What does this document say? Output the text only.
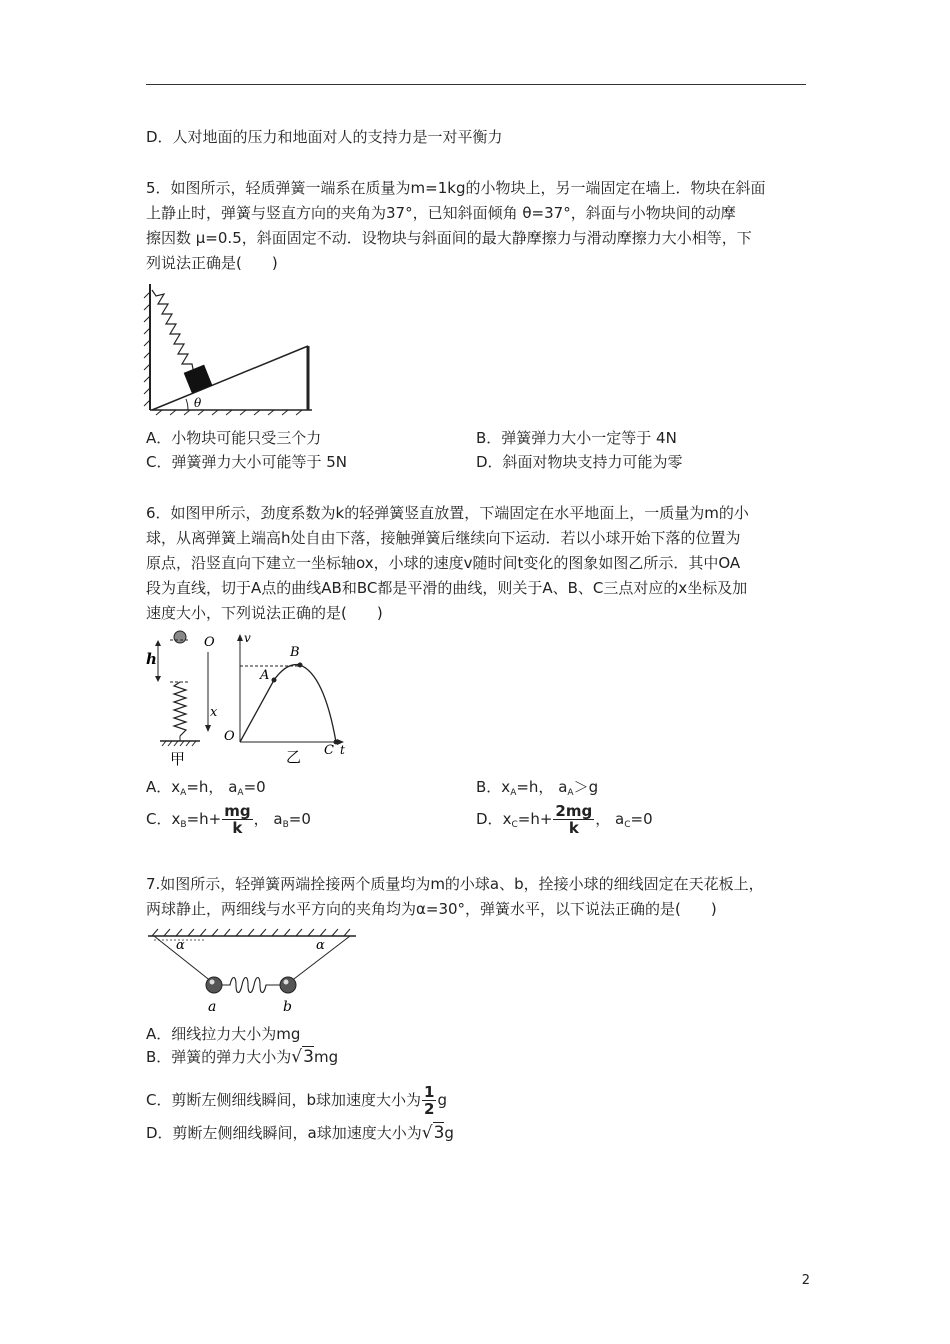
D．人对地面的压力和地面对人的支持力是一对平衡力
5．如图所示，轻质弹簧一端系在质量为m=1kg的小物块上，另一端固定在墙上．物块在斜面
上静止时，弹簧与竖直方向的夹角为37°，已知斜面倾角 θ=37°，斜面与小物块间的动摩
擦因数 μ=0.5，斜面固定不动．设物块与斜面间的最大静摩擦力与滑动摩擦力大小相等，下
列说法正确是(　　)
θ
A．小物块可能只受三个力	B．弹簧弹力大小一定等于 4N
C．弹簧弹力大小可能等于 5N	D．斜面对物块支持力可能为零
6．如图甲所示，劲度系数为k的轻弹簧竖直放置，下端固定在水平地面上，一质量为m的小
球，从离弹簧上端高h处自由下落，接触弹簧后继续向下运动．若以小球开始下落的位置为
原点，沿竖直向下建立一坐标轴ox，小球的速度v随时间t变化的图象如图乙所示．其中OA
段为直线，切于A点的曲线AB和BC都是平滑的曲线，则关于A、B、C三点对应的x坐标及加
速度大小，下列说法正确的是(　　)
h
O
x
甲
v
t
O
A
B
C
乙
A．$x_A=h$， $a_A=0$	B．$x_A=h$， $a_A>g$
C．$x_B=h+ \frac{mg}{k}$ ， $a_B=0$	D．$x_C=h+ \frac{2mg}{k}$ ， $a_C=0$
7.如图所示，轻弹簧两端拴接两个质量均为m的小球a、b，拴接小球的细线固定在天花板上，
两球静止，两细线与水平方向的夹角均为α=30°，弹簧水平，以下说法正确的是(　　)
α	α
a	b
A．细线拉力大小为mg
B．弹簧的弹力大小为√3mg
C．剪断左侧细线瞬间，b球加速度大小为 $\frac{1}{2}$ g
D．剪断左侧细线瞬间，a球加速度大小为√3g
2
